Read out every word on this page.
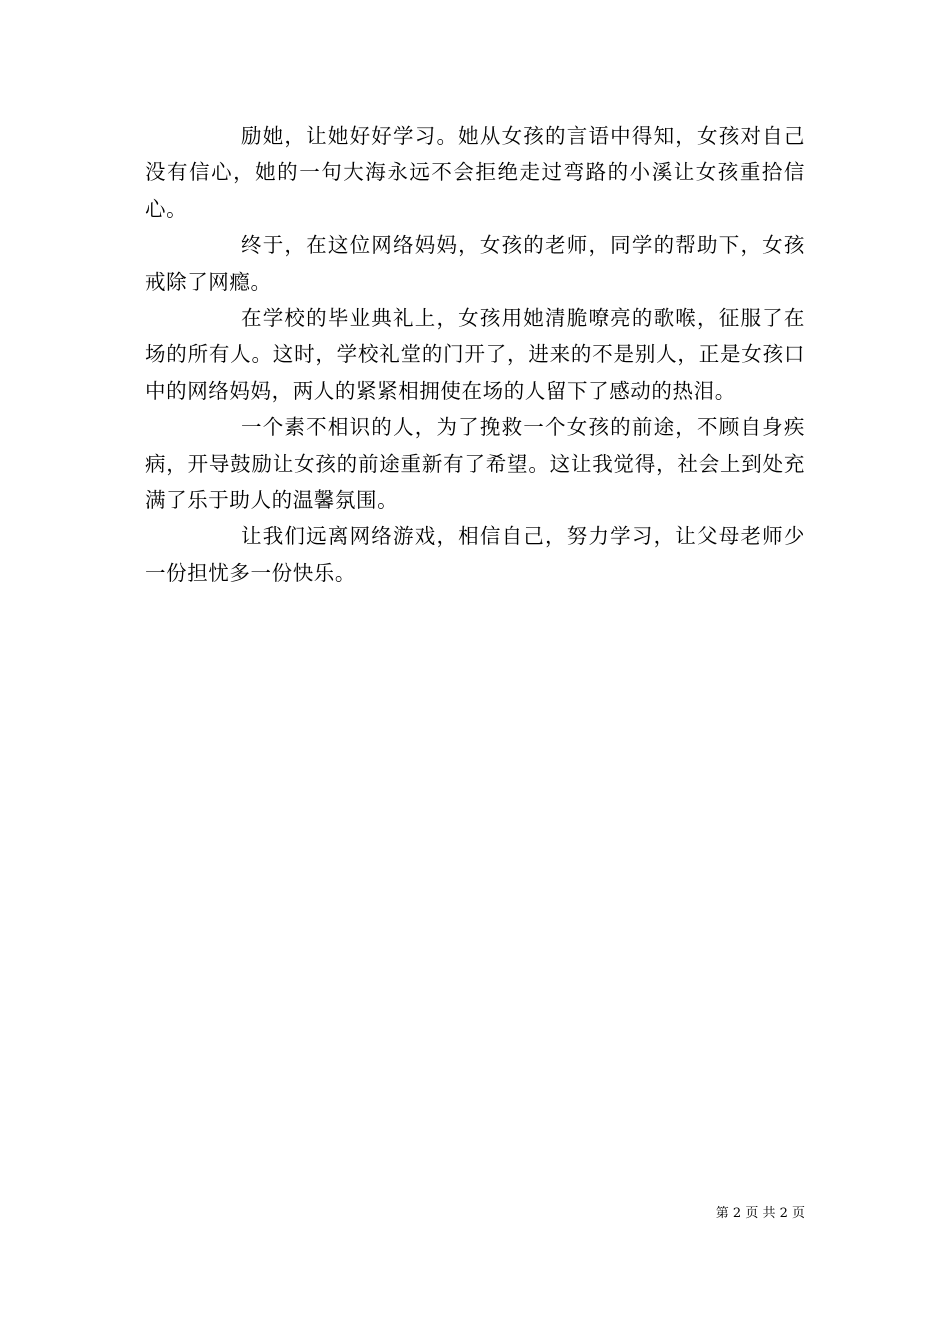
励她，让她好好学习。她从女孩的言语中得知，女孩对自己没有信心，她的一句大海永远不会拒绝走过弯路的小溪让女孩重拾信心。

终于，在这位网络妈妈，女孩的老师，同学的帮助下，女孩戒除了网瘾。

在学校的毕业典礼上，女孩用她清脆嘹亮的歌喉，征服了在场的所有人。这时，学校礼堂的门开了，进来的不是别人，正是女孩口中的网络妈妈，两人的紧紧相拥使在场的人留下了感动的热泪。

一个素不相识的人，为了挽救一个女孩的前途，不顾自身疾病，开导鼓励让女孩的前途重新有了希望。这让我觉得，社会上到处充满了乐于助人的温馨氛围。

让我们远离网络游戏，相信自己，努力学习，让父母老师少一份担忧多一份快乐。

第 2 页 共 2 页
